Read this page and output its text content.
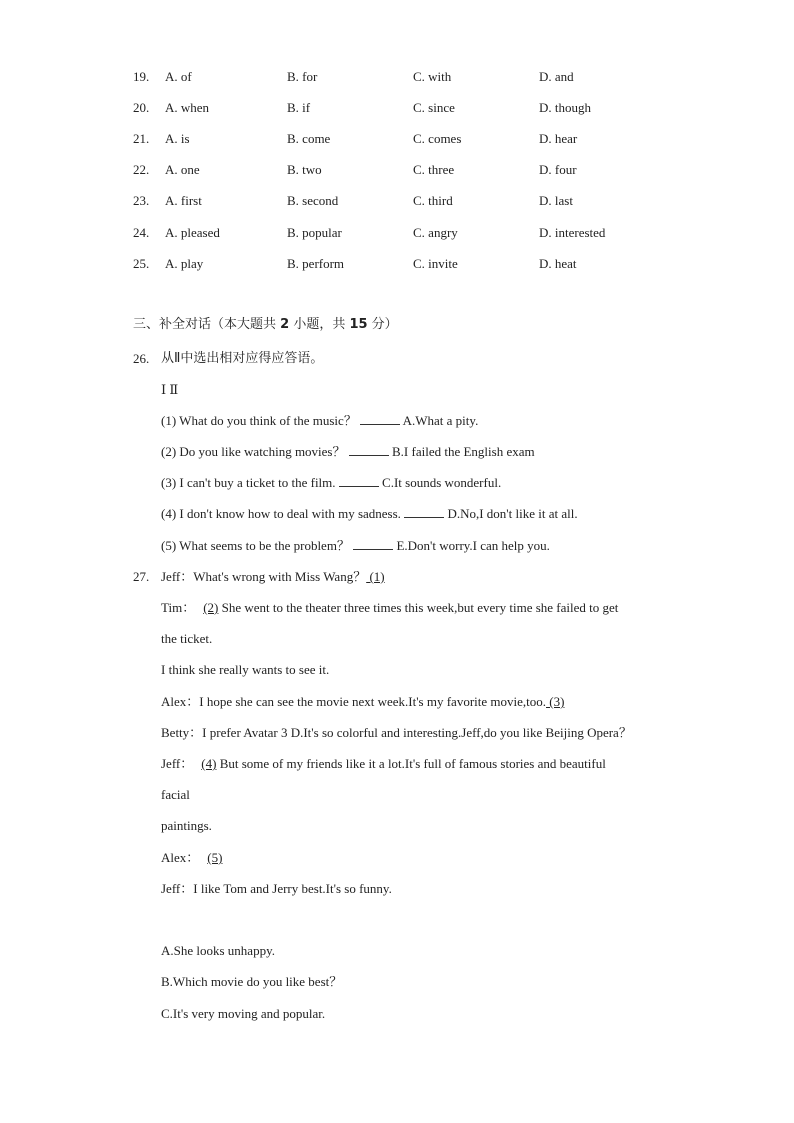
19. A. of	B. for	C. with	D. and
20. A. when	B. if	C. since	D. though
21. A. is	B. come	C. comes	D. hear
22. A. one	B. two	C. three	D. four
23. A. first	B. second	C. third	D. last
24. A. pleased	B. popular	C. angry	D. interested
25. A. play	B. perform	C. invite	D. heat
三、补全对话（本大题共 2 小题，共 15 分）
26. 从Ⅱ中选出相对应得应答语。
Ⅰ Ⅱ
(1) What do you think of the music？	A.What a pity.
(2) Do you like watching movies？	B.I failed the English exam
(3) I can't buy a ticket to the film.	C.It sounds wonderful.
(4) I don't know how to deal with my sadness.	D.No,I don't like it at all.
(5) What seems to be the problem？	E.Don't worry.I can help you.
27. Jeff：What's wrong with Miss Wang？ (1)
Tim： (2) She went to the theater three times this week,but every time she failed to get
the ticket.
I think she really wants to see it.
Alex：I hope she can see the movie next week.It's my favorite movie,too. (3)
Betty：I prefer Avatar 3 D.It's so colorful and interesting.Jeff,do you like Beijing Opera？
Jeff： (4) But some of my friends like it a lot.It's full of famous stories and beautiful
facial
paintings.
Alex： (5)
Jeff：I like Tom and Jerry best.It's so funny.
A.She looks unhappy.
B.Which movie do you like best？
C.It's very moving and popular.
